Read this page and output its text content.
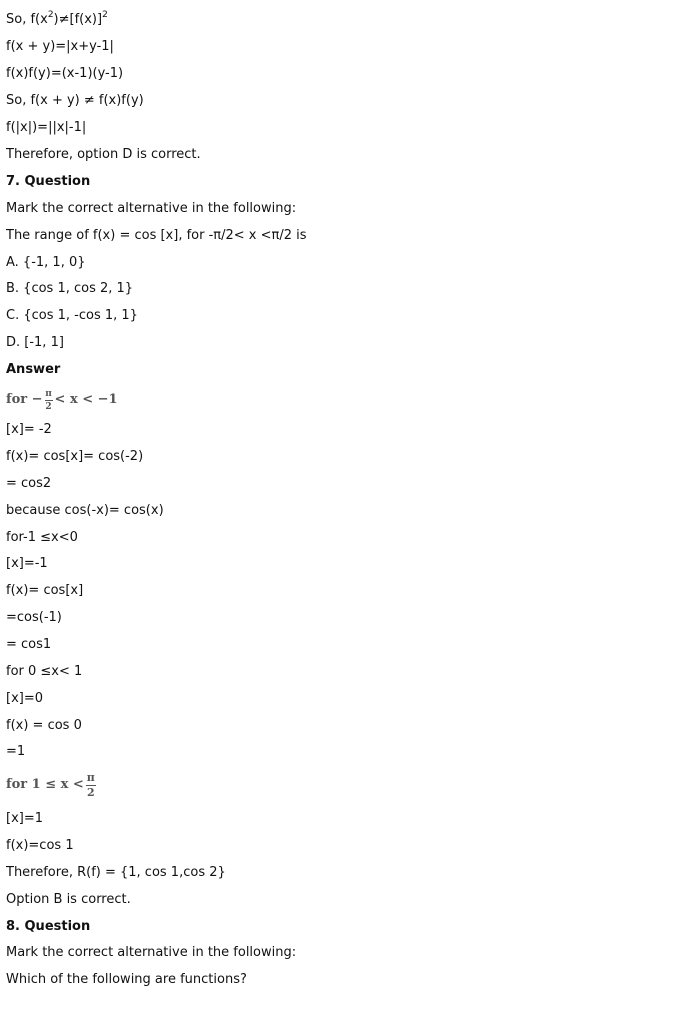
So, $f(x^2)\ne[f(x)]^2$
f(x + y)=|x+y-1|
f(x)f(y)=(x-1)(y-1)
So, f(x + y) ≠ f(x)f(y)
f(|x|)=||x|-1|
Therefore, option D is correct.
7. Question
Mark the correct alternative in the following:
The range of f(x) = cos [x], for -π/2< x <π/2 is
A. {-1, 1, 0}
B. {cos 1, cos 2, 1}
C. {cos 1, -cos 1, 1}
D. [-1, 1]
Answer
for − $\frac{\pi}{2} < x < -1$
[x]= -2
f(x)= cos[x]= cos(-2)
= cos2
because cos(-x)= cos(x)
for-1 ≤x<0
[x]=-1
f(x)= cos[x]
=cos(-1)
= cos1
for 0 ≤x< 1
[x]=0
f(x) = cos 0
=1
for $1 \le x < \frac{\pi}{2}$
[x]=1
f(x)=cos 1
Therefore, R(f) = {1, cos 1,cos 2}
Option B is correct.
8. Question
Mark the correct alternative in the following:
Which of the following are functions?
